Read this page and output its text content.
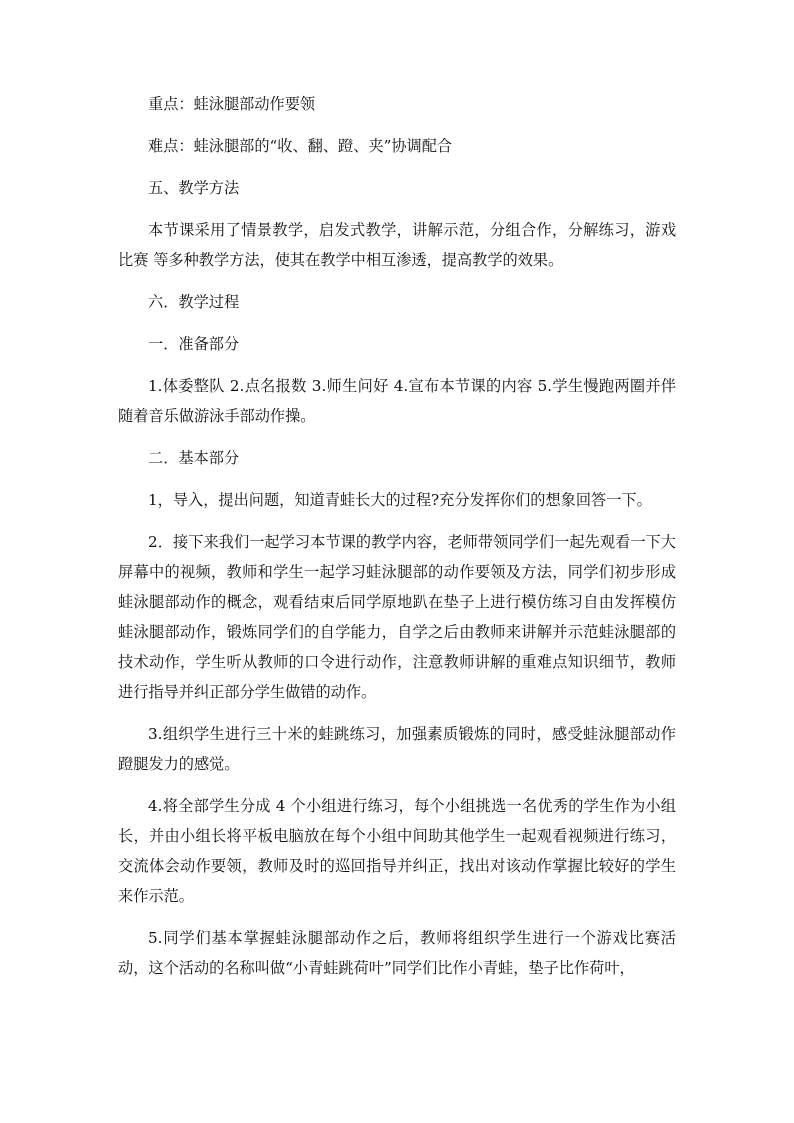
重点：蛙泳腿部动作要领

难点：蛙泳腿部的“收、翻、蹬、夹”协调配合

五、教学方法

本节课采用了情景教学，启发式教学，讲解示范，分组合作，分解练习，游戏比赛 等多种教学方法，使其在教学中相互渗透，提高教学的效果。

六．教学过程

一．准备部分

1.体委整队 2.点名报数 3.师生问好 4.宣布本节课的内容 5.学生慢跑两圈并伴随着音乐做游泳手部动作操。

二．基本部分

1，导入，提出问题，知道青蛙长大的过程?充分发挥你们的想象回答一下。

2．接下来我们一起学习本节课的教学内容，老师带领同学们一起先观看一下大屏幕中的视频，教师和学生一起学习蛙泳腿部的动作要领及方法，同学们初步形成蛙泳腿部动作的概念，观看结束后同学原地趴在垫子上进行模仿练习自由发挥模仿蛙泳腿部动作，锻炼同学们的自学能力，自学之后由教师来讲解并示范蛙泳腿部的技术动作，学生听从教师的口令进行动作，注意教师讲解的重难点知识细节，教师进行指导并纠正部分学生做错的动作。

3.组织学生进行三十米的蛙跳练习，加强素质锻炼的同时，感受蛙泳腿部动作蹬腿发力的感觉。

4.将全部学生分成 4 个小组进行练习，每个小组挑选一名优秀的学生作为小组长，并由小组长将平板电脑放在每个小组中间助其他学生一起观看视频进行练习，交流体会动作要领，教师及时的巡回指导并纠正，找出对该动作掌握比较好的学生来作示范。

5.同学们基本掌握蛙泳腿部动作之后，教师将组织学生进行一个游戏比赛活动，这个活动的名称叫做“小青蛙跳荷叶”同学们比作小青蛙，垫子比作荷叶，
